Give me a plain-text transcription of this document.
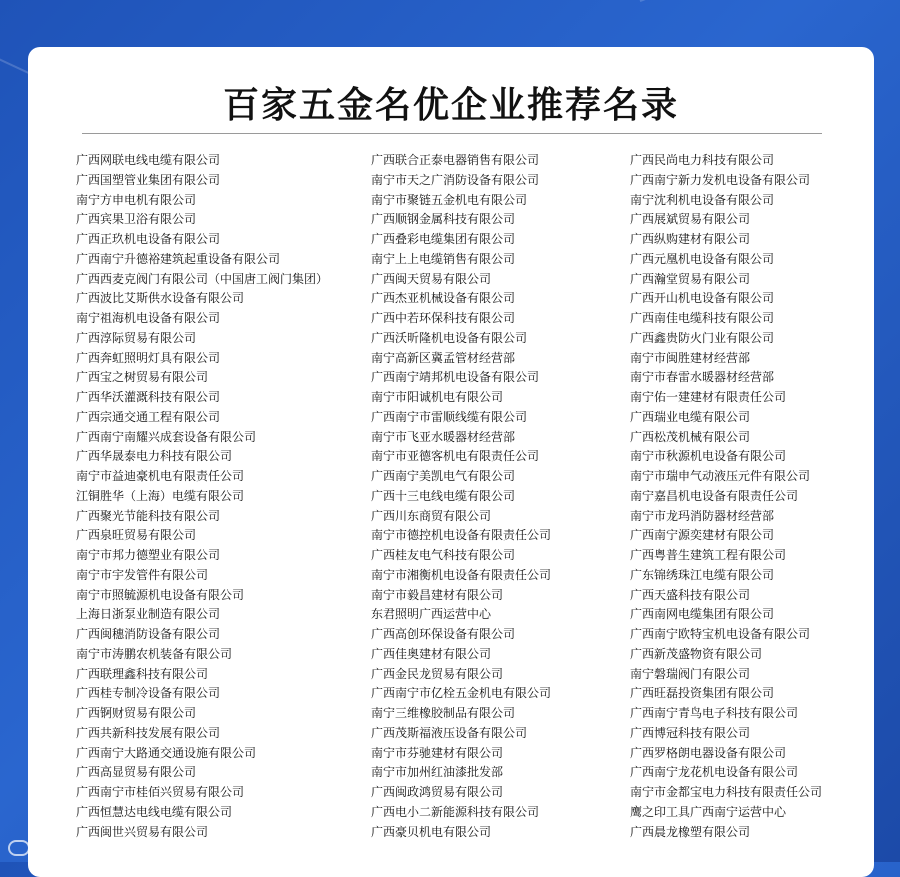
百家五金名优企业推荐名录
广西网联电线电缆有限公司
广西国塑管业集团有限公司
南宁方申电机有限公司
广西宾果卫浴有限公司
广西正玖机电设备有限公司
广西南宁升德裕建筑起重设备有限公司
广西西麦克阀门有限公司（中国唐工阀门集团）
广西波比艾斯供水设备有限公司
南宁祖海机电设备有限公司
广西淳际贸易有限公司
广西奔虹照明灯具有限公司
广西宝之树贸易有限公司
广西华沃灌溉科技有限公司
广西宗通交通工程有限公司
广西南宁南耀兴成套设备有限公司
广西华晟泰电力科技有限公司
南宁市益迪豪机电有限责任公司
江铜胜华（上海）电缆有限公司
广西聚光节能科技有限公司
广西泉旺贸易有限公司
南宁市邦力德塑业有限公司
南宁市宇发管件有限公司
南宁市照毓源机电设备有限公司
上海日浙泵业制造有限公司
广西闽穗消防设备有限公司
南宁市涛鹏农机装备有限公司
广西联理鑫科技有限公司
广西桂专制冷设备有限公司
广西锕财贸易有限公司
广西共新科技发展有限公司
广西南宁大路通交通设施有限公司
广西高显贸易有限公司
广西南宁市桂佰兴贸易有限公司
广西恒慧达电线电缆有限公司
广西闽世兴贸易有限公司
广西联合正泰电器销售有限公司
南宁市天之广消防设备有限公司
南宁市聚链五金机电有限公司
广西顺钢金属科技有限公司
广西叠彩电缆集团有限公司
南宁上上电缆销售有限公司
广西闽天贸易有限公司
广西杰亚机械设备有限公司
广西中若环保科技有限公司
广西沃昕隆机电设备有限公司
南宁高新区冀孟管材经营部
广西南宁靖邦机电设备有限公司
南宁市阳诚机电有限公司
广西南宁市雷顺线缆有限公司
南宁市飞亚水暖器材经营部
南宁市亚德客机电有限责任公司
广西南宁美凯电气有限公司
广西十三电线电缆有限公司
广西川东商贸有限公司
南宁市德控机电设备有限责任公司
广西桂友电气科技有限公司
南宁市湘衡机电设备有限责任公司
南宁市毅昌建材有限公司
东君照明广西运营中心
广西高创环保设备有限公司
广西佳奥建材有限公司
广西金民龙贸易有限公司
广西南宁市亿栓五金机电有限公司
南宁三维橡胶制品有限公司
广西茂斯福液压设备有限公司
南宁市芬驰建材有限公司
南宁市加州红油漆批发部
广西闽政鸿贸易有限公司
广西电小二新能源科技有限公司
广西豪贝机电有限公司
广西民尚电力科技有限公司
广西南宁新力发机电设备有限公司
南宁沈利机电设备有限公司
广西展斌贸易有限公司
广西纵购建材有限公司
广西元凰机电设备有限公司
广西瀚堂贸易有限公司
广西开山机电设备有限公司
广西南佳电缆科技有限公司
广西鑫贵防火门业有限公司
南宁市闽胜建材经营部
南宁市春雷水暖器材经营部
南宁佑一建建材有限责任公司
广西瑞业电缆有限公司
广西松茂机械有限公司
南宁市秋源机电设备有限公司
南宁市瑞申气动液压元件有限公司
南宁嘉昌机电设备有限责任公司
南宁市龙玛消防器材经营部
广西南宁源奕建材有限公司
广西粤普生建筑工程有限公司
广东锦绣珠江电缆有限公司
广西天盛科技有限公司
广西南网电缆集团有限公司
广西南宁欧特宝机电设备有限公司
广西新茂盛物资有限公司
南宁磐瑞阀门有限公司
广西旺磊投资集团有限公司
广西南宁青鸟电子科技有限公司
广西博冠科技有限公司
广西罗格朗电器设备有限公司
广西南宁龙花机电设备有限公司
南宁市金都宝电力科技有限责任公司
鹰之印工具广西南宁运营中心
广西晨龙橡塑有限公司
大致跨境
